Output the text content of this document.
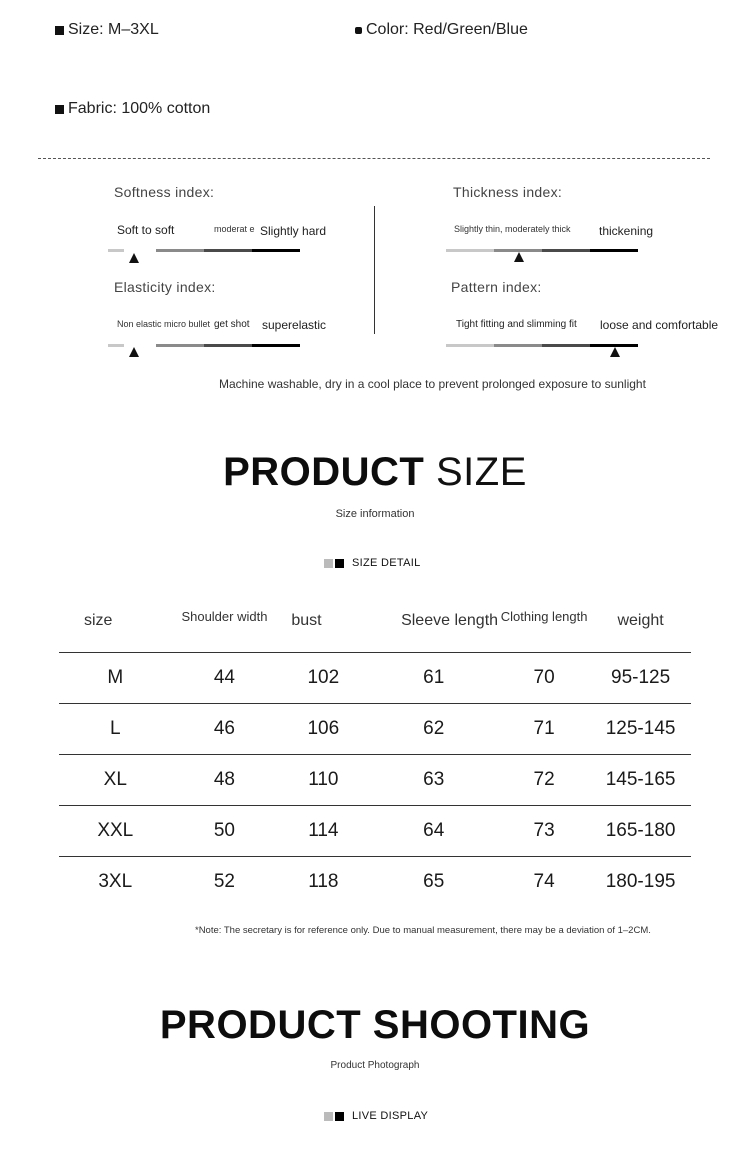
Size: M–3XL	Color: Red/Green/Blue
Fabric: 100% cotton
Softness index:
Soft to soft	moderat e Slightly hard
Thickness index:
Slightly thin, moderately thick	thickening
Elasticity index:
Non elastic micro bullet get shot superelastic
Pattern index:
Tight fitting and slimming fit loose and comfortable
Machine washable, dry in a cool place to prevent prolonged exposure to sunlight
PRODUCT SIZE
Size information
SIZE DETAIL
size	Shoulder width	bust	Sleeve length	Clothing length	weight
M	44	102	61	70	95-125
L	46	106	62	71	125-145
XL	48	110	63	72	145-165
XXL	50	114	64	73	165-180
3XL	52	118	65	74	180-195
*Note: The secretary is for reference only. Due to manual measurement, there may be a deviation of 1–2CM.
PRODUCT SHOOTING
Product Photograph
LIVE DISPLAY
